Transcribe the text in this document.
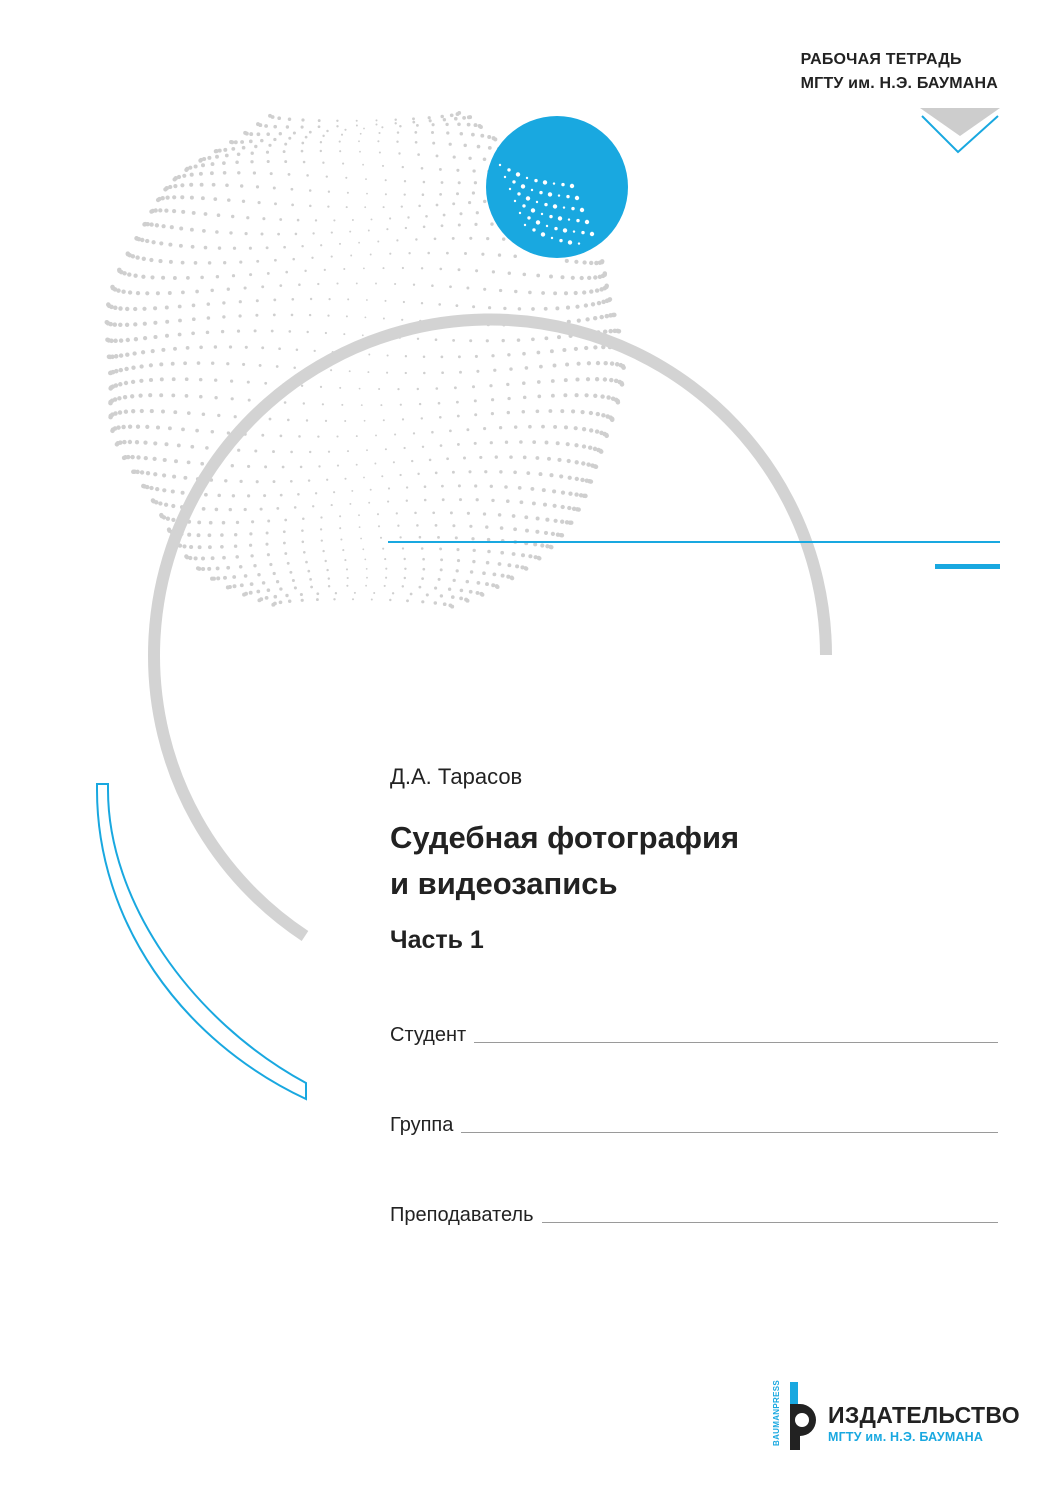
РАБОЧАЯ ТЕТРАДЬ
МГТУ им. Н.Э. БАУМАНА
Д.А. Тарасов
Судебная фотография
и видеозапись
Часть 1
Студент
Группа
Преподаватель
BAUMANPRESS ИЗДАТЕЛЬСТВО
МГТУ им. Н.Э. БАУМАНА
